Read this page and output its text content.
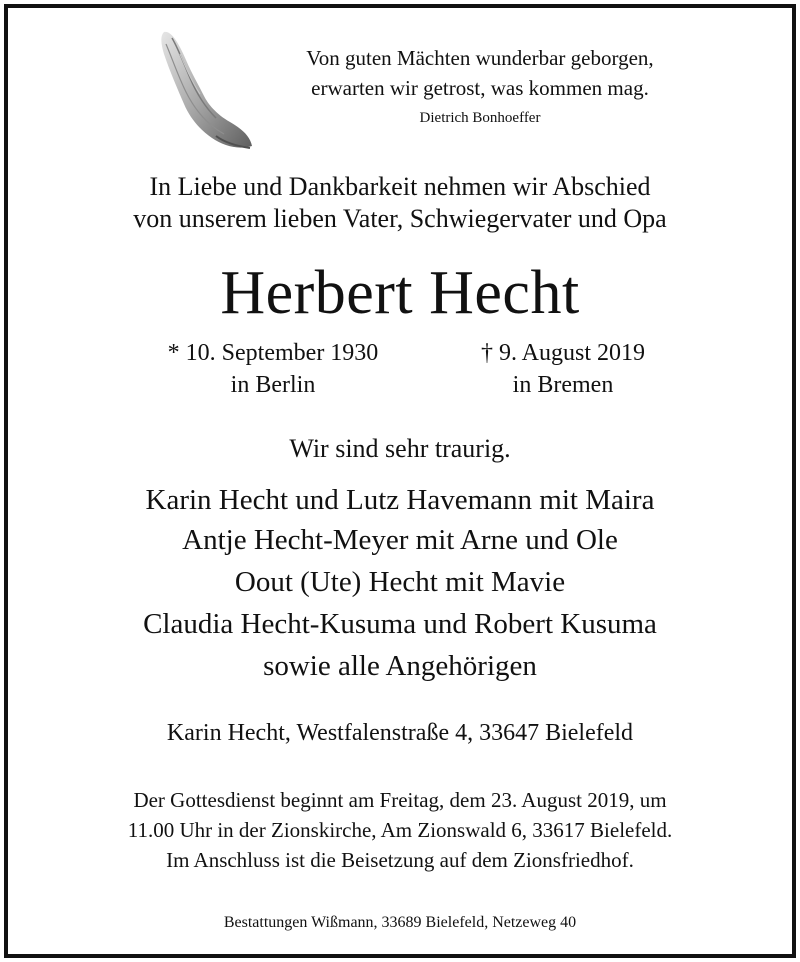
Von guten Mächten wunderbar geborgen,
erwarten wir getrost, was kommen mag.
Dietrich Bonhoeffer
In Liebe und Dankbarkeit nehmen wir Abschied
von unserem lieben Vater, Schwiegervater und Opa
Herbert Hecht
* 10. September 1930
in Berlin
† 9. August 2019
in Bremen
Wir sind sehr traurig.
Karin Hecht und Lutz Havemann mit Maira
Antje Hecht-Meyer mit Arne und Ole
Oout (Ute) Hecht mit Mavie
Claudia Hecht-Kusuma und Robert Kusuma
sowie alle Angehörigen
Karin Hecht, Westfalenstraße 4, 33647 Bielefeld
Der Gottesdienst beginnt am Freitag, dem 23. August 2019, um
11.00 Uhr in der Zionskirche, Am Zionswald 6, 33617 Bielefeld.
Im Anschluss ist die Beisetzung auf dem Zionsfriedhof.
Bestattungen Wißmann, 33689 Bielefeld, Netzeweg 40
